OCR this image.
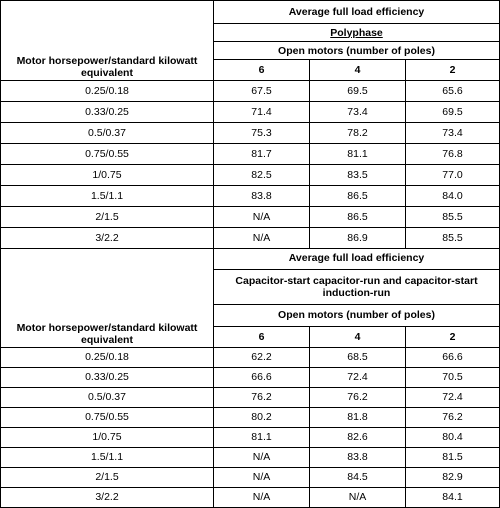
Motor horsepower/standard kilowatt equivalent	Average full load efficiency		
	Polyphase		
	Open motors (number of poles)		
	6	4	2
0.25/0.18	67.5	69.5	65.6
0.33/0.25	71.4	73.4	69.5
0.5/0.37	75.3	78.2	73.4
0.75/0.55	81.7	81.1	76.8
1/0.75	82.5	83.5	77.0
1.5/1.1	83.8	86.5	84.0
2/1.5	N/A	86.5	85.5
3/2.2	N/A	86.9	85.5
Motor horsepower/standard kilowatt equivalent	Average full load efficiency		
	Capacitor-start capacitor-run and capacitor-start induction-run		
	Open motors (number of poles)		
	6	4	2
0.25/0.18	62.2	68.5	66.6
0.33/0.25	66.6	72.4	70.5
0.5/0.37	76.2	76.2	72.4
0.75/0.55	80.2	81.8	76.2
1/0.75	81.1	82.6	80.4
1.5/1.1	N/A	83.8	81.5
2/1.5	N/A	84.5	82.9
3/2.2	N/A	N/A	84.1
